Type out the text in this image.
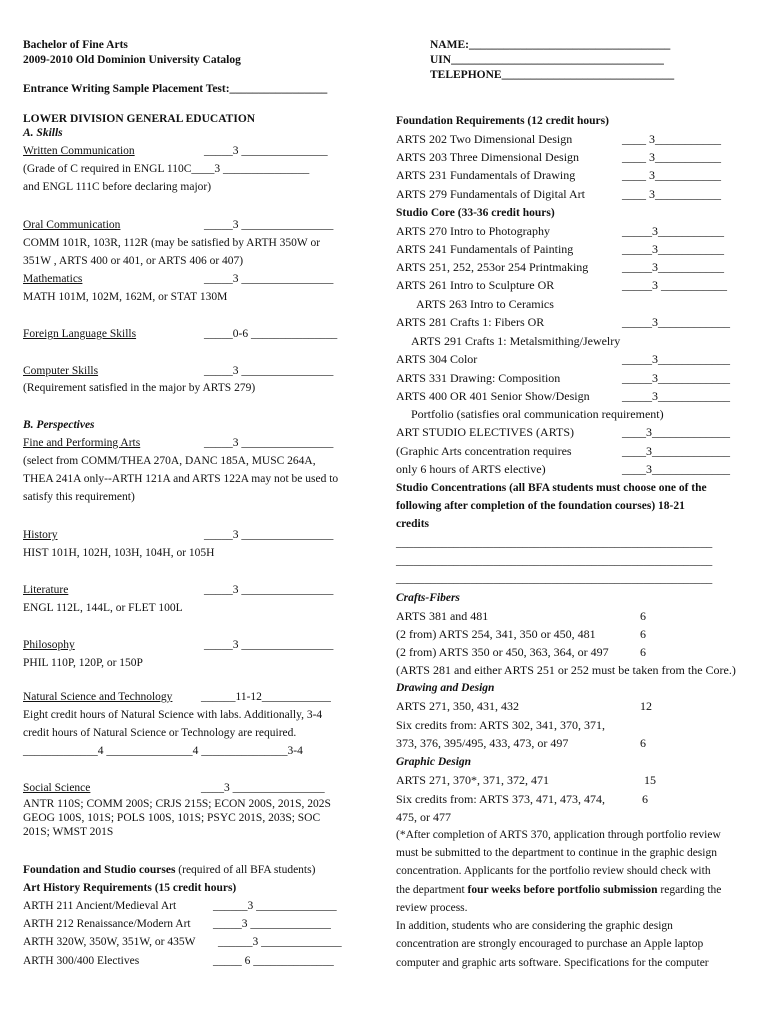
Bachelor of Fine Arts
2009-2010 Old Dominion University Catalog
Entrance Writing Sample Placement Test:_________________
NAME:___________________________________
UIN_____________________________________
TELEPHONE______________________________
LOWER DIVISION GENERAL EDUCATION
A. Skills
Written Communication	_____3 _______________
(Grade of C required in ENGL 110C____3 _______________
and ENGL 111C before declaring major)
Oral Communication	_____3 ________________
COMM 101R, 103R, 112R (may be satisfied by ARTH 350W or
351W , ARTS 400 or 401, or ARTS 406 or 407)
Mathematics	_____3 ________________
MATH 101M, 102M, 162M, or STAT 130M
Foreign Language Skills	_____0-6 _______________
Computer Skills	_____3 ________________
(Requirement satisfied in the major by ARTS 279)
B. Perspectives
Fine and Performing Arts	_____3 ________________
(select from COMM/THEA 270A, DANC 185A, MUSC 264A,
THEA 241A only--ARTH 121A and ARTS 122A may not be used to
satisfy this requirement)
History	_____3 ________________
HIST 101H, 102H, 103H, 104H, or 105H
Literature	_____3 ________________
ENGL 112L, 144L, or FLET 100L
Philosophy	_____3 ________________
PHIL 110P, 120P, or 150P
Natural Science and Technology ______11-12____________
Eight credit hours of Natural Science with labs. Additionally, 3-4
credit hours of Natural Science or Technology are required.
_____________4 _______________4 _______________3-4
Social Science	____3 ________________
ANTR 110S; COMM 200S; CRJS 215S; ECON 200S, 201S, 202S
GEOG 100S, 101S; POLS 100S, 101S; PSYC 201S, 203S; SOC
201S; WMST 201S
Foundation and Studio courses (required of all BFA students)
Art History Requirements (15 credit hours)
ARTH 211 Ancient/Medieval Art	______3 ______________
ARTH 212 Renaissance/Modern Art _____3 ______________
ARTH 320W, 350W, 351W, or 435W ______3 ______________
ARTH 300/400 Electives	_____ 6 ______________
Foundation Requirements (12 credit hours)
ARTS 202 Two Dimensional Design	____ 3___________
ARTS 203 Three Dimensional Design	____ 3___________
ARTS 231 Fundamentals of Drawing	____ 3___________
ARTS 279 Fundamentals of Digital Art	____ 3___________
Studio Core (33-36 credit hours)
ARTS 270 Intro to Photography	_____3___________
ARTS 241 Fundamentals of Painting	_____3___________
ARTS 251, 252, 253or 254 Printmaking	_____3___________
ARTS 261 Intro to Sculpture OR	_____3 ___________
ARTS 263 Intro to Ceramics
ARTS 281 Crafts 1: Fibers OR	_____3____________
ARTS 291 Crafts 1: Metalsmithing/Jewelry
ARTS 304 Color	_____3____________
ARTS 331 Drawing: Composition	_____3____________
ARTS 400 OR 401 Senior Show/Design	_____3____________
Portfolio (satisfies oral communication requirement)
ART STUDIO ELECTIVES (ARTS)	____3_____________
(Graphic Arts concentration requires	____3_____________
only 6 hours of ARTS elective)	____3_____________
Studio Concentrations (all BFA students must choose one of the
following after completion of the foundation courses) 18-21
credits
_______________________________________________________
_______________________________________________________
_______________________________________________________
Crafts-Fibers
ARTS 381 and 481	6
(2 from) ARTS 254, 341, 350 or 450, 481	6
(2 from) ARTS 350 or 450, 363, 364, or 497	6
(ARTS 281 and either ARTS 251 or 252 must be taken from the Core.)
Drawing and Design
ARTS 271, 350, 431, 432	12
Six credits from: ARTS 302, 341, 370, 371,
373, 376, 395/495, 433, 473, or 497	6
Graphic Design
ARTS 271, 370*, 371, 372, 471	15
Six credits from: ARTS 373, 471, 473, 474,	6
475, or 477
(*After completion of ARTS 370, application through portfolio review
must be submitted to the department to continue in the graphic design
concentration. Applicants for the portfolio review should check with
the department four weeks before portfolio submission regarding the
review process.
In addition, students who are considering the graphic design
concentration are strongly encouraged to purchase an Apple laptop
computer and graphic arts software. Specifications for the computer
